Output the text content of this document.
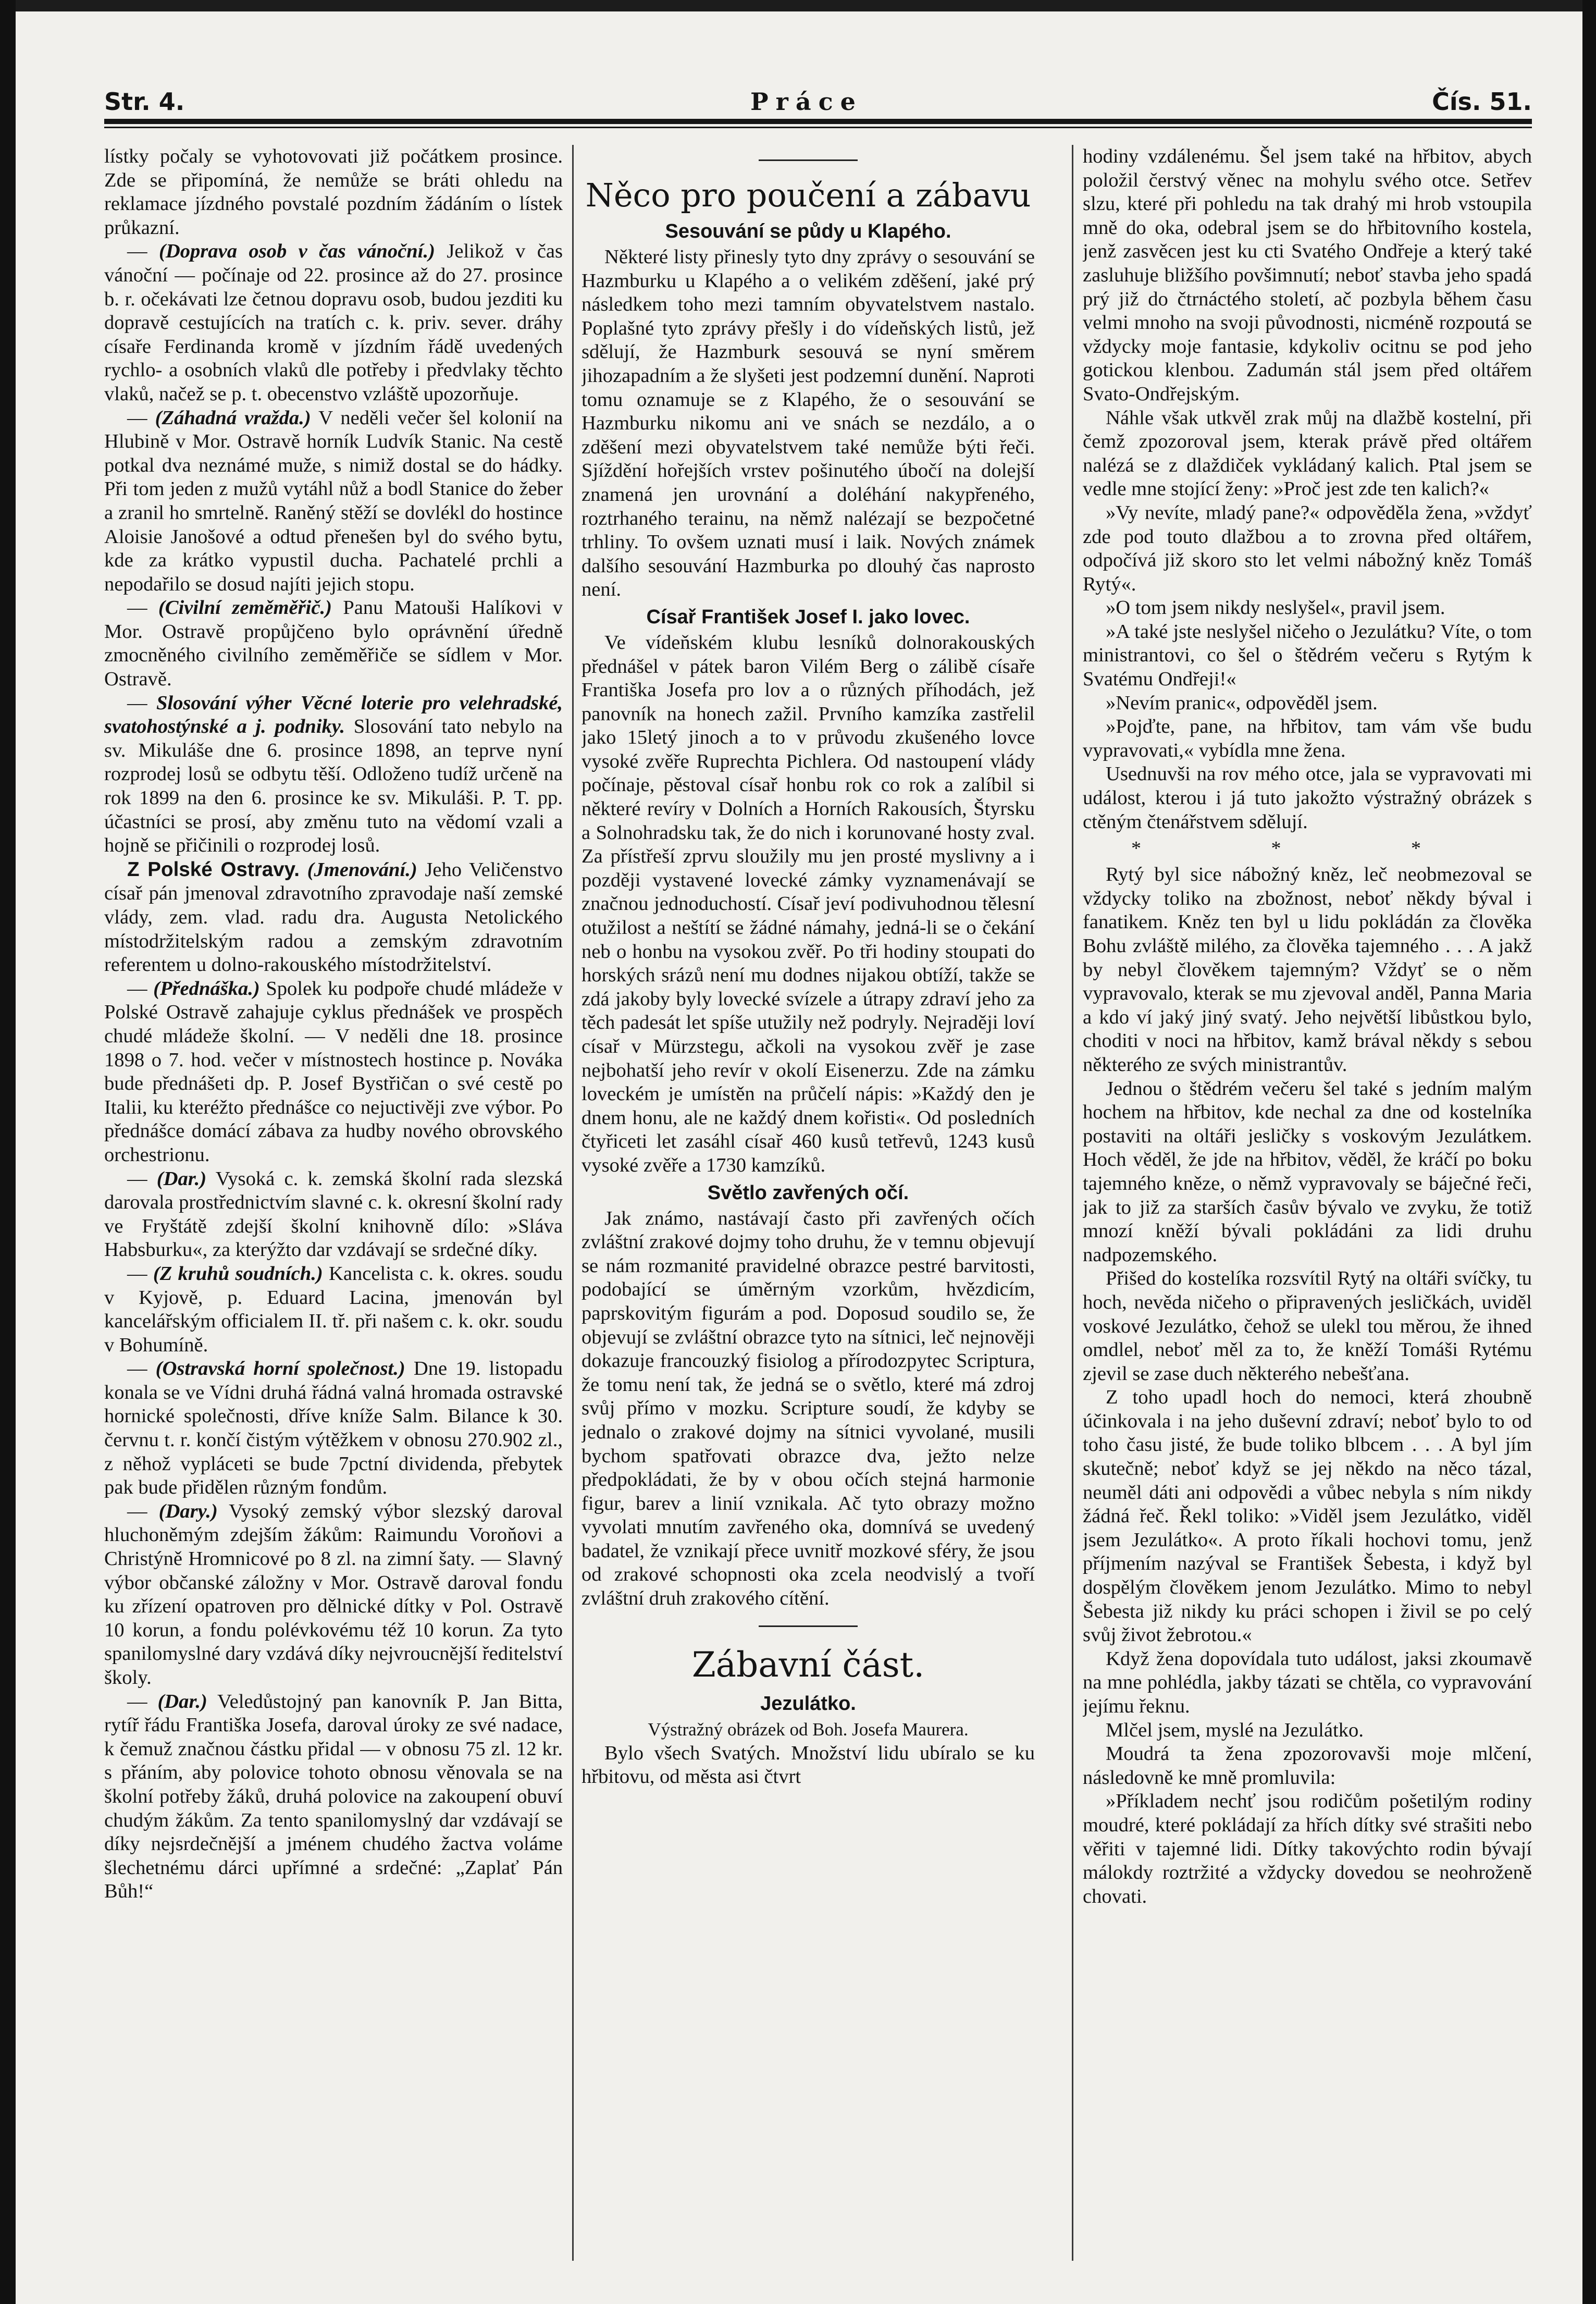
Str. 4.	Práce	Čís. 51.

lístky počaly se vyhotovovati již počátkem prosince. Zde se připomíná, že nemůže se bráti ohledu na reklamace jízdného povstalé pozdním žádáním o lístek průkazní.

— (Doprava osob v čas vánoční.) Jelikož v čas vánoční — počínaje od 22. prosince až do 27. prosince b. r. očekávati lze četnou dopravu osob, budou jezditi ku dopravě cestujících na tratích c. k. priv. sever. dráhy císaře Ferdinanda kromě v jízdním řádě uvedených rychlo- a osobních vlaků dle potřeby i předvlaky těchto vlaků, načež se p. t. obecenstvo vzláště upozorňuje.

— (Záhadná vražda.) V neděli večer šel kolonií na Hlubině v Mor. Ostravě horník Ludvík Stanic. Na cestě potkal dva neznámé muže, s nimiž dostal se do hádky. Při tom jeden z mužů vytáhl nůž a bodl Stanice do žeber a zranil ho smrtelně. Raněný stěží se dovlékl do hostince Aloisie Janošové a odtud přenešen byl do svého bytu, kde za krátko vypustil ducha. Pachatelé prchli a nepodařilo se dosud najíti jejich stopu.

— (Civilní zeměměřič.) Panu Matouši Halíkovi v Mor. Ostravě propůjčeno bylo oprávnění úředně zmocněného civilního zeměměřiče se sídlem v Mor. Ostravě.

— Slosování výher Věcné loterie pro velehradské, svatohostýnské a j. podniky. Slosování tato nebylo na sv. Mikuláše dne 6. prosince 1898, an teprve nyní rozprodej losů se odbytu těší. Odloženo tudíž určeně na rok 1899 na den 6. prosince ke sv. Mikuláši. P. T. pp. účastníci se prosí, aby změnu tuto na vědomí vzali a hojně se přičinili o rozprodej losů.

Z Polské Ostravy. (Jmenování.) Jeho Veličenstvo císař pán jmenoval zdravotního zpravodaje naší zemské vlády, zem. vlad. radu dra. Augusta Netolického místodržitelským radou a zemským zdravotním referentem u dolno-rakouského místodržitelství.

— (Přednáška.) Spolek ku podpoře chudé mládeže v Polské Ostravě zahajuje cyklus přednášek ve prospěch chudé mládeže školní. — V neděli dne 18. prosince 1898 o 7. hod. večer v místnostech hostince p. Nováka bude přednášeti dp. P. Josef Bystřičan o své cestě po Italii, ku kteréžto přednášce co nejuctivěji zve výbor. Po přednášce domácí zábava za hudby nového obrovského orchestrionu.

— (Dar.) Vysoká c. k. zemská školní rada slezská darovala prostřednictvím slavné c. k. okresní školní rady ve Fryštátě zdejší školní knihovně dílo: »Sláva Habsburku«, za kterýžto dar vzdávají se srdečné díky.

— (Z kruhů soudních.) Kancelista c. k. okres. soudu v Kyjově, p. Eduard Lacina, jmenován byl kancelářským officialem II. tř. při našem c. k. okr. soudu v Bohumíně.

— (Ostravská horní společnost.) Dne 19. listopadu konala se ve Vídni druhá řádná valná hromada ostravské hornické společnosti, dříve kníže Salm. Bilance k 30. červnu t. r. končí čistým výtěžkem v obnosu 270.902 zl., z něhož vypláceti se bude 7pctní dividenda, přebytek pak bude přidělen různým fondům.

— (Dary.) Vysoký zemský výbor slezský daroval hluchoněmým zdejším žákům: Raimundu Voroňovi a Christýně Hromnicové po 8 zl. na zimní šaty. — Slavný výbor občanské záložny v Mor. Ostravě daroval fondu ku zřízení opatroven pro dělnické dítky v Pol. Ostravě 10 korun, a fondu polévkovému též 10 korun. Za tyto spanilomyslné dary vzdává díky nejvroucnější ředitelství školy.

— (Dar.) Veledůstojný pan kanovník P. Jan Bitta, rytíř řádu Františka Josefa, daroval úroky ze své nadace, k čemuž značnou částku přidal — v obnosu 75 zl. 12 kr. s přáním, aby polovice tohoto obnosu věnovala se na školní potřeby žáků, druhá polovice na zakoupení obuví chudým žákům. Za tento spanilomyslný dar vzdávají se díky nejsrdečnější a jménem chudého žactva voláme šlechetnému dárci upřímné a srdečné: „Zaplať Pán Bůh!“

Něco pro poučení a zábavu
Sesouvání se půdy u Klapého.

Některé listy přinesly tyto dny zprávy o sesouvání se Hazmburku u Klapého a o velikém zděšení, jaké prý následkem toho mezi tamním obyvatelstvem nastalo. Poplašné tyto zprávy přešly i do vídeňských listů, jež sdělují, že Hazmburk sesouvá se nyní směrem jihozapadním a že slyšeti jest podzemní dunění. Naproti tomu oznamuje se z Klapého, že o sesouvání se Hazmburku nikomu ani ve snách se nezdálo, a o zděšení mezi obyvatelstvem také nemůže býti řeči. Sjíždění hořejších vrstev pošinutého úbočí na dolejší znamená jen urovnání a doléhání nakypřeného, roztrhaného terainu, na němž nalézají se bezpočetné trhliny. To ovšem uznati musí i laik. Nových známek dalšího sesouvání Hazmburka po dlouhý čas naprosto není.

Císař František Josef I. jako lovec.

Ve vídeňském klubu lesníků dolnorakouských přednášel v pátek baron Vilém Berg o zálibě císaře Františka Josefa pro lov a o různých příhodách, jež panovník na honech zažil. Prvního kamzíka zastřelil jako 15letý jinoch a to v průvodu zkušeného lovce vysoké zvěře Ruprechta Pichlera. Od nastoupení vlády počínaje, pěstoval císař honbu rok co rok a zalíbil si některé revíry v Dolních a Horních Rakousích, Štyrsku a Solnohradsku tak, že do nich i korunované hosty zval. Za přístřeší zprvu sloužily mu jen prosté myslivny a i později vystavené lovecké zámky vyznamenávají se značnou jednoduchostí. Císař jeví podivuhodnou tělesní otužilost a neštítí se žádné námahy, jedná-li se o čekání neb o honbu na vysokou zvěř. Po tři hodiny stoupati do horských srázů není mu dodnes nijakou obtíží, takže se zdá jakoby byly lovecké svízele a útrapy zdraví jeho za těch padesát let spíše utužily než podryly. Nejraději loví císař v Mürzstegu, ačkoli na vysokou zvěř je zase nejbohatší jeho revír v okolí Eisenerzu. Zde na zámku loveckém je umístěn na průčelí nápis: »Každý den je dnem honu, ale ne každý dnem kořisti«. Od posledních čtyřiceti let zasáhl císař 460 kusů tetřevů, 1243 kusů vysoké zvěře a 1730 kamzíků.

Světlo zavřených očí.

Jak známo, nastávají často při zavřených očích zvláštní zrakové dojmy toho druhu, že v temnu objevují se nám rozmanité pravidelné obrazce pestré barvitosti, podobající se úměrným vzorkům, hvězdicím, paprskovitým figurám a pod. Doposud soudilo se, že objevují se zvláštní obrazce tyto na sítnici, leč nejnověji dokazuje francouzký fisiolog a přírodozpytec Scriptura, že tomu není tak, že jedná se o světlo, které má zdroj svůj přímo v mozku. Scripture soudí, že kdyby se jednalo o zrakové dojmy na sítnici vyvolané, musili bychom spatřovati obrazce dva, ježto nelze předpokládati, že by v obou očích stejná harmonie figur, barev a linií vznikala. Ač tyto obrazy možno vyvolati mnutím zavřeného oka, domnívá se uvedený badatel, že vznikají přece uvnitř mozkové sféry, že jsou od zrakové schopnosti oka zcela neodvislý a tvoří zvláštní druh zrakového cítění.

Zábavní část.
Jezulátko.
Výstražný obrázek od Boh. Josefa Maurera.

Bylo všech Svatých. Množství lidu ubíralo se ku hřbitovu, od města asi čtvrt

hodiny vzdálenému. Šel jsem také na hřbitov, abych položil čerstvý věnec na mohylu svého otce. Setřev slzu, které při pohledu na tak drahý mi hrob vstoupila mně do oka, odebral jsem se do hřbitovního kostela, jenž zasvěcen jest ku cti Svatého Ondřeje a který také zasluhuje bližšího povšimnutí; neboť stavba jeho spadá prý již do čtrnáctého století, ač pozbyla během času velmi mnoho na svoji původnosti, nicméně rozpoutá se vždycky moje fantasie, kdykoliv ocitnu se pod jeho gotickou klenbou. Zadumán stál jsem před oltářem Svato-Ondřejským.

Náhle však utkvěl zrak můj na dlažbě kostelní, při čemž zpozoroval jsem, kterak právě před oltářem nalézá se z dlaždiček vykládaný kalich. Ptal jsem se vedle mne stojící ženy: »Proč jest zde ten kalich?«

»Vy nevíte, mladý pane?« odpověděla žena, »vždyť zde pod touto dlažbou a to zrovna před oltářem, odpočívá již skoro sto let velmi nábožný kněz Tomáš Rytý«.

»O tom jsem nikdy neslyšel«, pravil jsem.

»A také jste neslyšel ničeho o Jezulátku? Víte, o tom ministrantovi, co šel o štědrém večeru s Rytým k Svatému Ondřeji!«

»Nevím pranic«, odpověděl jsem.

»Pojďte, pane, na hřbitov, tam vám vše budu vypravovati,« vybídla mne žena.

Usednuvši na rov mého otce, jala se vypravovati mi událost, kterou i já tuto jakožto výstražný obrázek s ctěným čtenářstvem sdělují.

* * *

Rytý byl sice nábožný kněz, leč neobmezoval se vždycky toliko na zbožnost, neboť někdy býval i fanatikem. Kněz ten byl u lidu pokládán za člověka Bohu zvláště milého, za člověka tajemného . . . A jakž by nebyl člověkem tajemným? Vždyť se o něm vypravovalo, kterak se mu zjevoval anděl, Panna Maria a kdo ví jaký jiný svatý. Jeho největší libůstkou bylo, choditi v noci na hřbitov, kamž brával někdy s sebou některého ze svých ministrantův.

Jednou o štědrém večeru šel také s jedním malým hochem na hřbitov, kde nechal za dne od kostelníka postaviti na oltáři jesličky s voskovým Jezulátkem. Hoch věděl, že jde na hřbitov, věděl, že kráčí po boku tajemného kněze, o němž vypravovaly se báječné řeči, jak to již za starších časův bývalo ve zvyku, že totiž mnozí kněží bývali pokládáni za lidi druhu nadpozemského.

Přišed do kostelíka rozsvítil Rytý na oltáři svíčky, tu hoch, nevěda ničeho o připravených jesličkách, uviděl voskové Jezulátko, čehož se ulekl tou měrou, že ihned omdlel, neboť měl za to, že kněží Tomáši Rytému zjevil se zase duch některého nebešťana.

Z toho upadl hoch do nemoci, která zhoubně účinkovala i na jeho duševní zdraví; neboť bylo to od toho času jisté, že bude toliko blbcem . . . A byl jím skutečně; neboť když se jej někdo na něco tázal, neuměl dáti ani odpovědi a vůbec nebyla s ním nikdy žádná řeč. Řekl toliko: »Viděl jsem Jezulátko, viděl jsem Jezulátko«. A proto říkali hochovi tomu, jenž příjmením nazýval se František Šebesta, i když byl dospělým člověkem jenom Jezulátko. Mimo to nebyl Šebesta již nikdy ku práci schopen i živil se po celý svůj život žebrotou.«

Když žena dopovídala tuto událost, jaksi zkoumavě na mne pohlédla, jakby tázati se chtěla, co vypravování jejímu řeknu.

Mlčel jsem, myslé na Jezulátko.

Moudrá ta žena zpozorovavši moje mlčení, následovně ke mně promluvila:

»Příkladem nechť jsou rodičům pošetilým rodiny moudré, které pokládají za hřích dítky své strašiti nebo věřiti v tajemné lidi. Dítky takovýchto rodin bývají málokdy roztržité a vždycky dovedou se neohroženě chovati.
